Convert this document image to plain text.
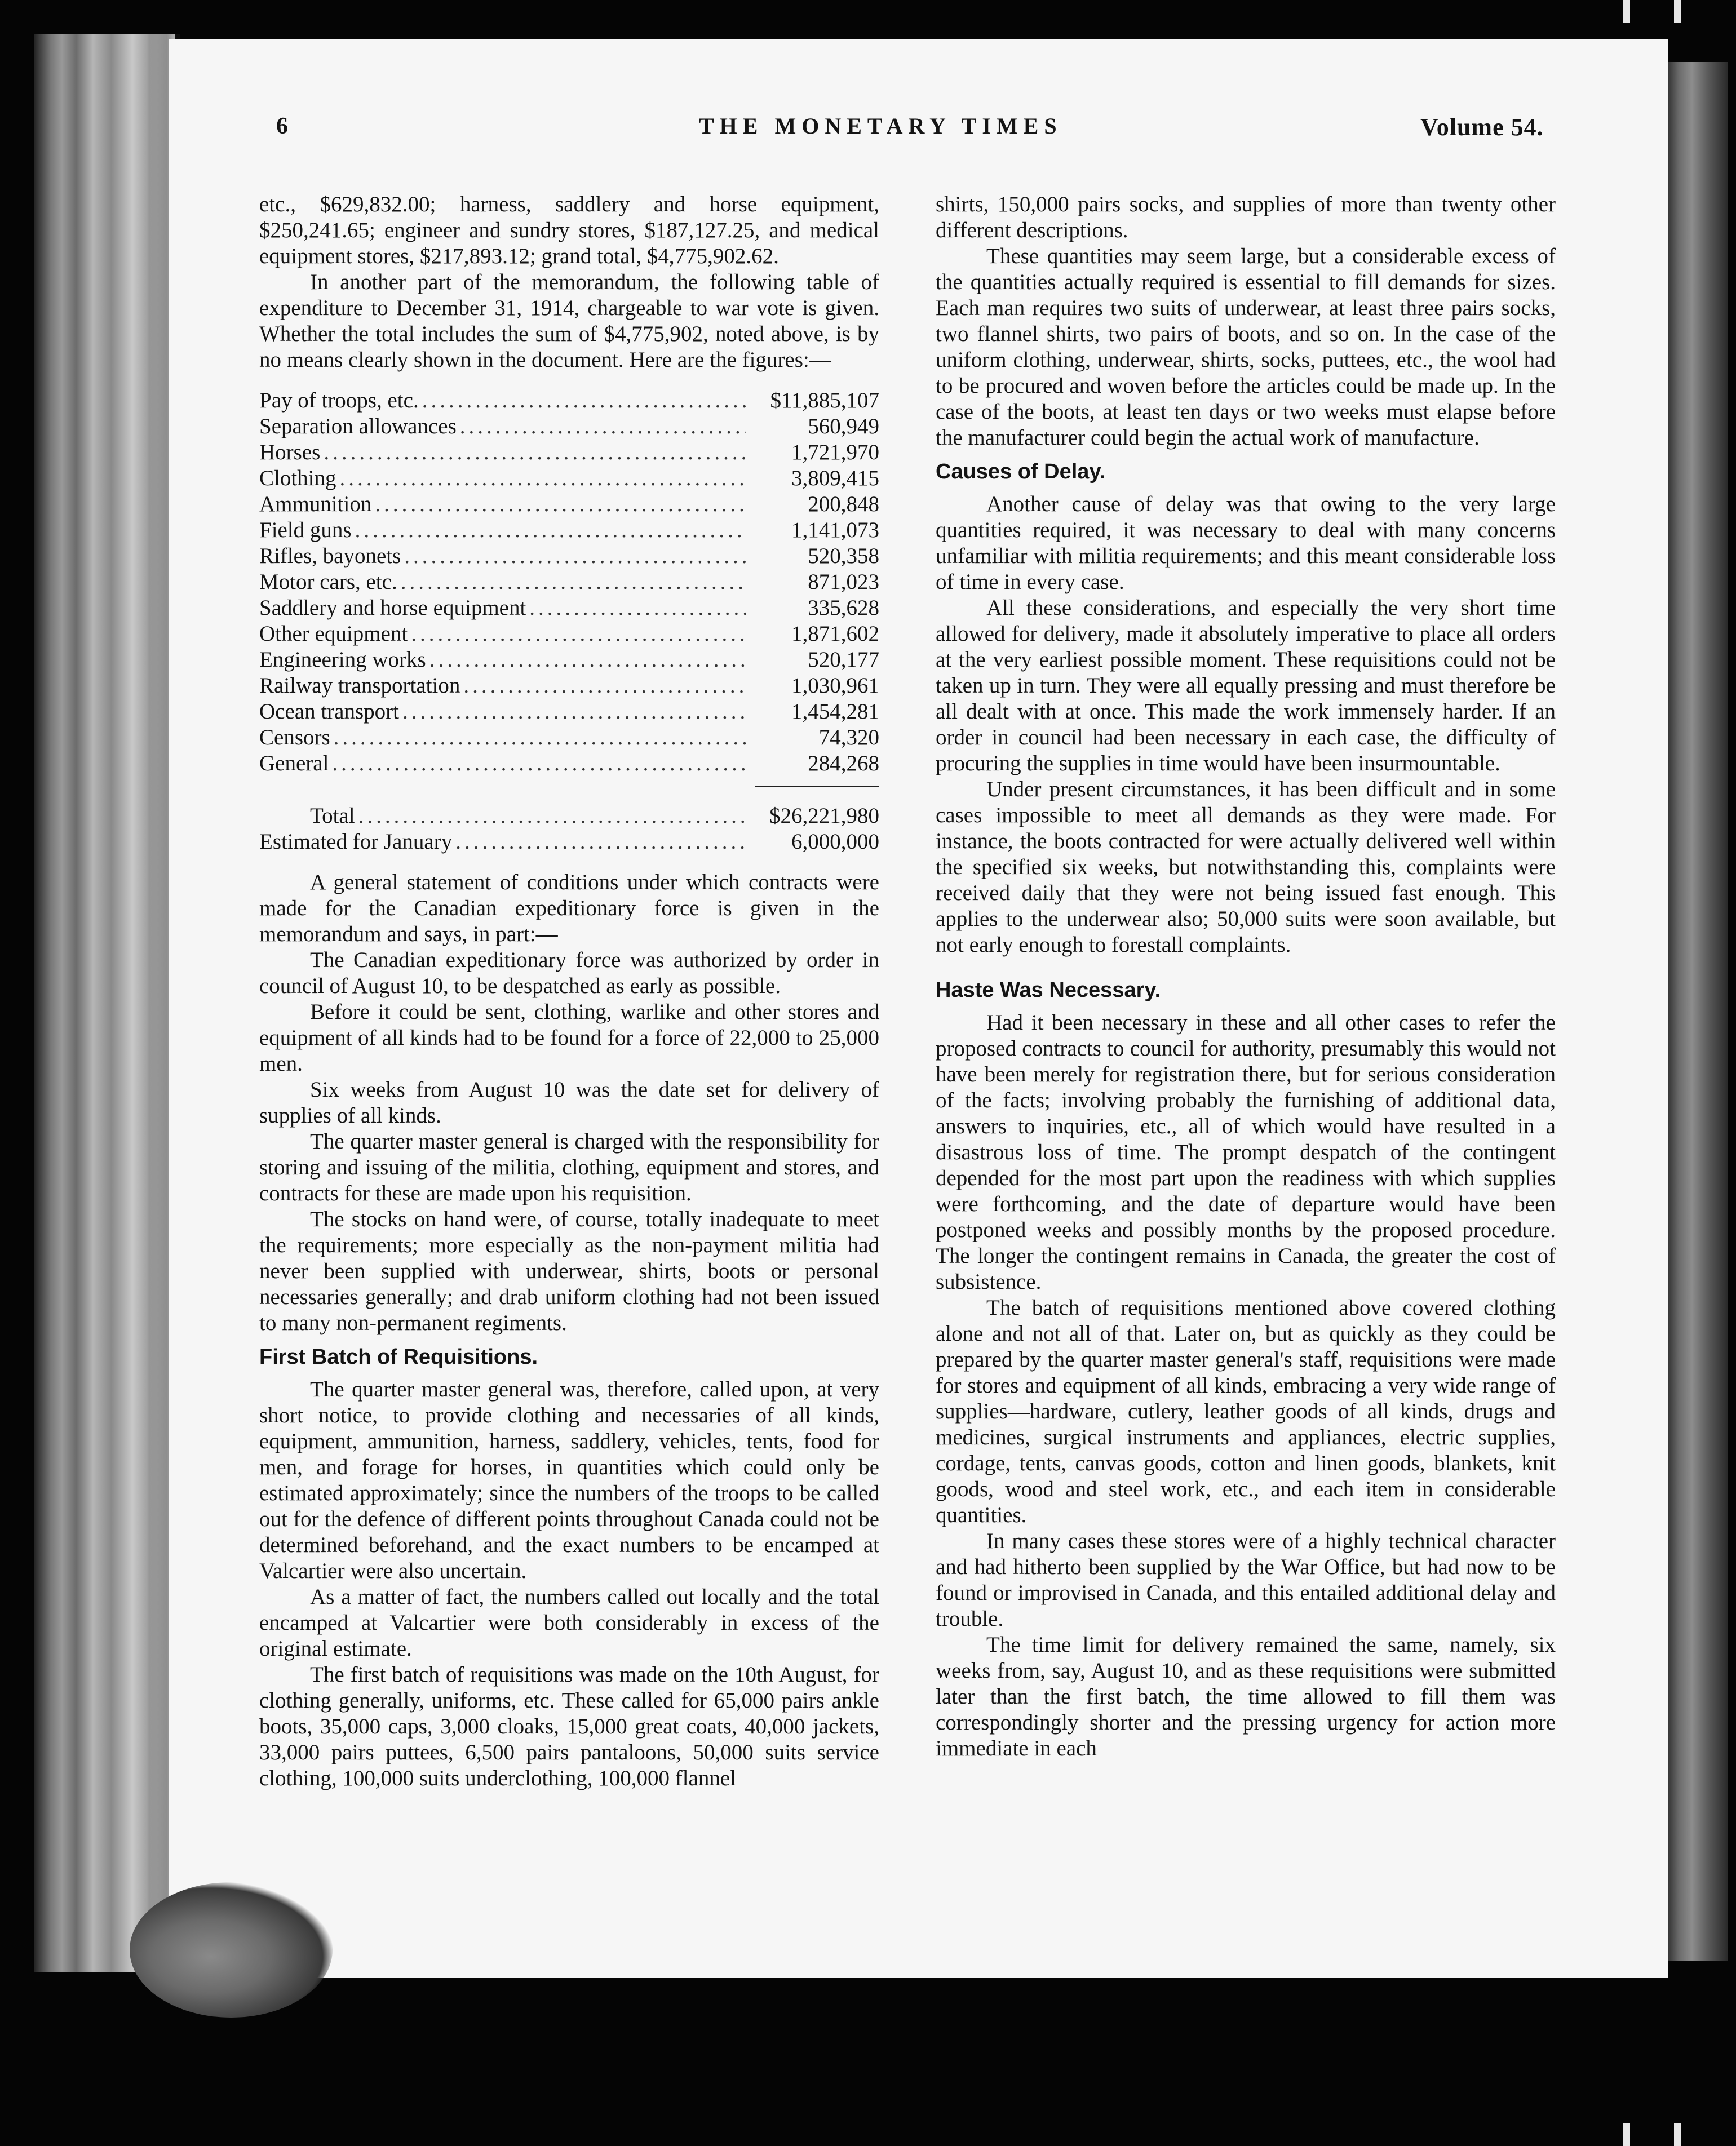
6	THE MONETARY TIMES	Volume 54.

etc., $629,832.00; harness, saddlery and horse equipment, $250,241.65; engineer and sundry stores, $187,127.25, and medical equipment stores, $217,893.12; grand total, $4,775,902.62.

In another part of the memorandum, the following table of expenditure to December 31, 1914, chargeable to war vote is given. Whether the total includes the sum of $4,775,902, noted above, is by no means clearly shown in the document. Here are the figures:—

Pay of troops, etc. .....	$11,885,107
Separation allowances .....	560,949
Horses .....	1,721,970
Clothing .....	3,809,415
Ammunition .....	200,848
Field guns .....	1,141,073
Rifles, bayonets .....	520,358
Motor cars, etc. .....	871,023
Saddlery and horse equipment .....	335,628
Other equipment .....	1,871,602
Engineering works .....	520,177
Railway transportation .....	1,030,961
Ocean transport .....	1,454,281
Censors .....	74,320
General .....	284,268
Total .....	$26,221,980
Estimated for January .....	6,000,000

A general statement of conditions under which contracts were made for the Canadian expeditionary force is given in the memorandum and says, in part:—

The Canadian expeditionary force was authorized by order in council of August 10, to be despatched as early as possible.

Before it could be sent, clothing, warlike and other stores and equipment of all kinds had to be found for a force of 22,000 to 25,000 men.

Six weeks from August 10 was the date set for delivery of supplies of all kinds.

The quarter master general is charged with the responsibility for storing and issuing of the militia, clothing, equipment and stores, and contracts for these are made upon his requisition.

The stocks on hand were, of course, totally inadequate to meet the requirements; more especially as the non-payment militia had never been supplied with underwear, shirts, boots or personal necessaries generally; and drab uniform clothing had not been issued to many non-permanent regiments.

First Batch of Requisitions.

The quarter master general was, therefore, called upon, at very short notice, to provide clothing and necessaries of all kinds, equipment, ammunition, harness, saddlery, vehicles, tents, food for men, and forage for horses, in quantities which could only be estimated approximately; since the numbers of the troops to be called out for the defence of different points throughout Canada could not be determined beforehand, and the exact numbers to be encamped at Valcartier were also uncertain.

As a matter of fact, the numbers called out locally and the total encamped at Valcartier were both considerably in excess of the original estimate.

The first batch of requisitions was made on the 10th August, for clothing generally, uniforms, etc. These called for 65,000 pairs ankle boots, 35,000 caps, 3,000 cloaks, 15,000 great coats, 40,000 jackets, 33,000 pairs puttees, 6,500 pairs pantaloons, 50,000 suits service clothing, 100,000 suits underclothing, 100,000 flannel

shirts, 150,000 pairs socks, and supplies of more than twenty other different descriptions.

These quantities may seem large, but a considerable excess of the quantities actually required is essential to fill demands for sizes. Each man requires two suits of underwear, at least three pairs socks, two flannel shirts, two pairs of boots, and so on. In the case of the uniform clothing, underwear, shirts, socks, puttees, etc., the wool had to be procured and woven before the articles could be made up. In the case of the boots, at least ten days or two weeks must elapse before the manufacturer could begin the actual work of manufacture.

Causes of Delay.

Another cause of delay was that owing to the very large quantities required, it was necessary to deal with many concerns unfamiliar with militia requirements; and this meant considerable loss of time in every case.

All these considerations, and especially the very short time allowed for delivery, made it absolutely imperative to place all orders at the very earliest possible moment. These requisitions could not be taken up in turn. They were all equally pressing and must therefore be all dealt with at once. This made the work immensely harder. If an order in council had been necessary in each case, the difficulty of procuring the supplies in time would have been insurmountable.

Under present circumstances, it has been difficult and in some cases impossible to meet all demands as they were made. For instance, the boots contracted for were actually delivered well within the specified six weeks, but notwithstanding this, complaints were received daily that they were not being issued fast enough. This applies to the underwear also; 50,000 suits were soon available, but not early enough to forestall complaints.

Haste Was Necessary.

Had it been necessary in these and all other cases to refer the proposed contracts to council for authority, presumably this would not have been merely for registration there, but for serious consideration of the facts; involving probably the furnishing of additional data, answers to inquiries, etc., all of which would have resulted in a disastrous loss of time. The prompt despatch of the contingent depended for the most part upon the readiness with which supplies were forthcoming, and the date of departure would have been postponed weeks and possibly months by the proposed procedure. The longer the contingent remains in Canada, the greater the cost of subsistence.

The batch of requisitions mentioned above covered clothing alone and not all of that. Later on, but as quickly as they could be prepared by the quarter master general's staff, requisitions were made for stores and equipment of all kinds, embracing a very wide range of supplies—hardware, cutlery, leather goods of all kinds, drugs and medicines, surgical instruments and appliances, electric supplies, cordage, tents, canvas goods, cotton and linen goods, blankets, knit goods, wood and steel work, etc., and each item in considerable quantities.

In many cases these stores were of a highly technical character and had hitherto been supplied by the War Office, but had now to be found or improvised in Canada, and this entailed additional delay and trouble.

The time limit for delivery remained the same, namely, six weeks from, say, August 10, and as these requisitions were submitted later than the first batch, the time allowed to fill them was correspondingly shorter and the pressing urgency for action more immediate in each
